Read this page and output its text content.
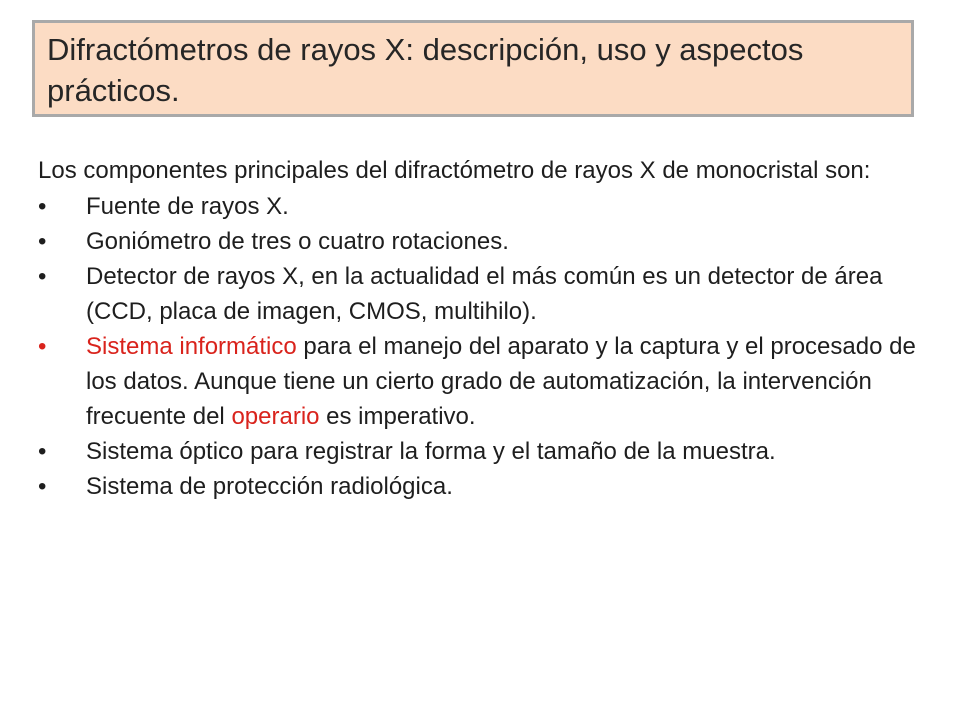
Difractómetros de rayos X: descripción, uso y aspectos prácticos.

Los componentes principales del difractómetro de rayos X de monocristal son:

•	Fuente de rayos X.
•	Goniómetro de tres o cuatro rotaciones.
•	Detector de rayos X, en la actualidad el más común es un detector de área (CCD, placa de imagen, CMOS, multihilo).
•	Sistema informático para el manejo del aparato y la captura y el procesado de los datos. Aunque tiene un cierto grado de automatización, la intervención frecuente del operario es imperativo.
•	Sistema óptico para registrar la forma y el tamaño de la muestra.
•	Sistema de protección radiológica.
